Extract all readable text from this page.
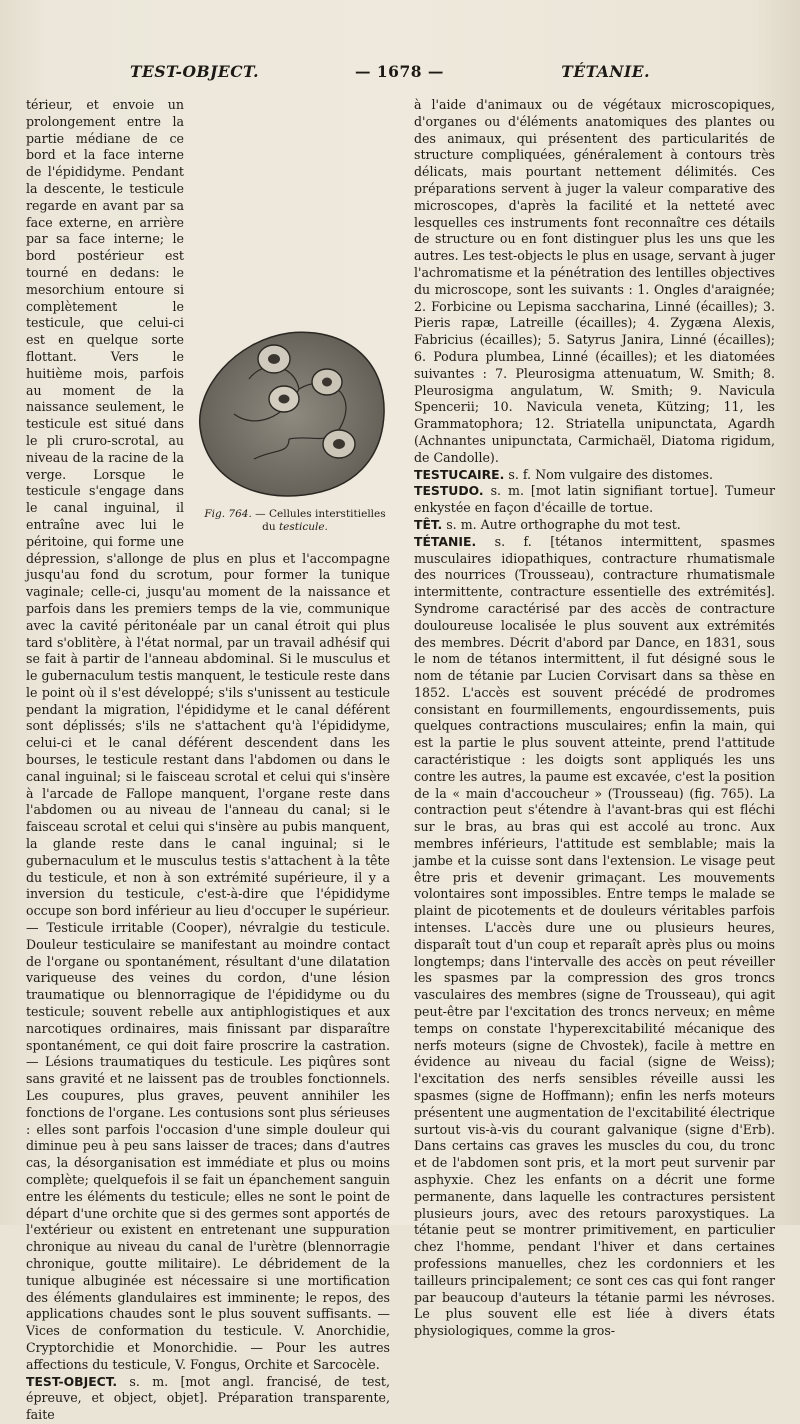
TEST-OBJECT.	— 1678 —	TÉTANIE.
Fig. 764. — Cellules interstitielles du testicule.

térieur, et envoie un prolongement entre la partie médiane de ce bord et la face interne de l'épididyme. Pendant la descente, le testicule regarde en avant par sa face externe, en arrière par sa face interne; le bord postérieur est tourné en dedans: le mesorchium entoure si complètement le testicule, que celui-ci est en quelque sorte flottant. Vers le huitième mois, parfois au moment de la naissance seulement, le testicule est situé dans le pli cruro-scrotal, au niveau de la racine de la verge. Lorsque le testicule s'engage dans le canal inguinal, il entraîne avec lui le péritoine, qui forme une dépression, s'allonge de plus en plus et l'accompagne jusqu'au fond du scrotum, pour former la tunique vaginale; celle-ci, jusqu'au moment de la naissance et parfois dans les premiers temps de la vie, communique avec la cavité péritonéale par un canal étroit qui plus tard s'oblitère, à l'état normal, par un travail adhésif qui se fait à partir de l'anneau abdominal. Si le musculus et le gubernaculum testis manquent, le testicule reste dans le point où il s'est développé; s'ils s'unissent au testicule pendant la migration, l'épididyme et le canal déférent sont déplissés; s'ils ne s'attachent qu'à l'épididyme, celui-ci et le canal déférent descendent dans les bourses, le testicule restant dans l'abdomen ou dans le canal inguinal; si le faisceau scrotal et celui qui s'insère à l'arcade de Fallope manquent, l'organe reste dans l'abdomen ou au niveau de l'anneau du canal; si le faisceau scrotal et celui qui s'insère au pubis manquent, la glande reste dans le canal inguinal; si le gubernaculum et le musculus testis s'attachent à la tête du testicule, et non à son extrémité supérieure, il y a inversion du testicule, c'est-à-dire que l'épididyme occupe son bord inférieur au lieu d'occuper le supérieur. — Testicule irritable (Cooper), névralgie du testicule. Douleur testiculaire se manifestant au moindre contact de l'organe ou spontanément, résultant d'une dilatation variqueuse des veines du cordon, d'une lésion traumatique ou blennorragique de l'épididyme ou du testicule; souvent rebelle aux antiphlogistiques et aux narcotiques ordinaires, mais finissant par disparaître spontanément, ce qui doit faire proscrire la castration. — Lésions traumatiques du testicule. Les piqûres sont sans gravité et ne laissent pas de troubles fonctionnels. Les coupures, plus graves, peuvent annihiler les fonctions de l'organe. Les contusions sont plus sérieuses : elles sont parfois l'occasion d'une simple douleur qui diminue peu à peu sans laisser de traces; dans d'autres cas, la désorganisation est immédiate et plus ou moins complète; quelquefois il se fait un épanchement sanguin entre les éléments du testicule; elles ne sont le point de départ d'une orchite que si des germes sont apportés de l'extérieur ou existent en entretenant une suppuration chronique au niveau du canal de l'urètre (blennorragie chronique, goutte militaire). Le débridement de la tunique albuginée est nécessaire si une mortification des éléments glandulaires est imminente; le repos, des applications chaudes sont le plus souvent suffisants. — Vices de conformation du testicule. V. Anorchidie, Cryptorchidie et Monorchidie. — Pour les autres affections du testicule, V. Fongus, Orchite et Sarcocèle.

TEST-OBJECT. s. m. [mot angl. francisé, de test, épreuve, et object, objet]. Préparation transparente, faite

à l'aide d'animaux ou de végétaux microscopiques, d'organes ou d'éléments anatomiques des plantes ou des animaux, qui présentent des particularités de structure compliquées, généralement à contours très délicats, mais pourtant nettement délimités. Ces préparations servent à juger la valeur comparative des microscopes, d'après la facilité et la netteté avec lesquelles ces instruments font reconnaître ces détails de structure ou en font distinguer plus les uns que les autres. Les test-objects le plus en usage, servant à juger l'achromatisme et la pénétration des lentilles objectives du microscope, sont les suivants : 1. Ongles d'araignée; 2. Forbicine ou Lepisma saccharina, Linné (écailles); 3. Pieris rapæ, Latreille (écailles); 4. Zygæna Alexis, Fabricius (écailles); 5. Satyrus Janira, Linné (écailles); 6. Podura plumbea, Linné (écailles); et les diatomées suivantes : 7. Pleurosigma attenuatum, W. Smith; 8. Pleurosigma angulatum, W. Smith; 9. Navicula Spencerii; 10. Navicula veneta, Kützing; 11, les Grammatophora; 12. Striatella unipunctata, Agardh (Achnantes unipunctata, Carmichaël, Diatoma rigidum, de Candolle).

TESTUCAIRE. s. f. Nom vulgaire des distomes.

TESTUDO. s. m. [mot latin signifiant tortue]. Tumeur enkystée en façon d'écaille de tortue.

TÊT. s. m. Autre orthographe du mot test.

TÉTANIE. s. f. [tétanos intermittent, spasmes musculaires idiopathiques, contracture rhumatismale des nourrices (Trousseau), contracture rhumatismale intermittente, contracture essentielle des extrémités]. Syndrome caractérisé par des accès de contracture douloureuse localisée le plus souvent aux extrémités des membres. Décrit d'abord par Dance, en 1831, sous le nom de tétanos intermittent, il fut désigné sous le nom de tétanie par Lucien Corvisart dans sa thèse en 1852. L'accès est souvent précédé de prodromes consistant en fourmillements, engourdissements, puis quelques contractions musculaires; enfin la main, qui est la partie le plus souvent atteinte, prend l'attitude caractéristique : les doigts sont appliqués les uns contre les autres, la paume est excavée, c'est la position de la « main d'accoucheur » (Trousseau) (fig. 765). La contraction peut s'étendre à l'avant-bras qui est fléchi sur le bras, au bras qui est accolé au tronc. Aux membres inférieurs, l'attitude est semblable; mais la jambe et la cuisse sont dans l'extension. Le visage peut être pris et devenir grimaçant. Les mouvements volontaires sont impossibles. Entre temps le malade se plaint de picotements et de douleurs véritables parfois intenses. L'accès dure une ou plusieurs heures, disparaît tout d'un coup et reparaît après plus ou moins longtemps; dans l'intervalle des accès on peut réveiller les spasmes par la compression des gros troncs vasculaires des membres (signe de Trousseau), qui agit peut-être par l'excitation des troncs nerveux; en même temps on constate l'hyperexcitabilité mécanique des nerfs moteurs (signe de Chvostek), facile à mettre en évidence au niveau du facial (signe de Weiss); l'excitation des nerfs sensibles réveille aussi les spasmes (signe de Hoffmann); enfin les nerfs moteurs présentent une augmentation de l'excitabilité électrique surtout vis-à-vis du courant galvanique (signe d'Erb). Dans certains cas graves les muscles du cou, du tronc et de l'abdomen sont pris, et la mort peut survenir par asphyxie. Chez les enfants on a décrit une forme permanente, dans laquelle les contractures persistent plusieurs jours, avec des retours paroxystiques. La tétanie peut se montrer primitivement, en particulier chez l'homme, pendant l'hiver et dans certaines professions manuelles, chez les cordonniers et les tailleurs principalement; ce sont ces cas qui font ranger par beaucoup d'auteurs la tétanie parmi les névroses. Le plus souvent elle est liée à divers états physiologiques, comme la gros-
